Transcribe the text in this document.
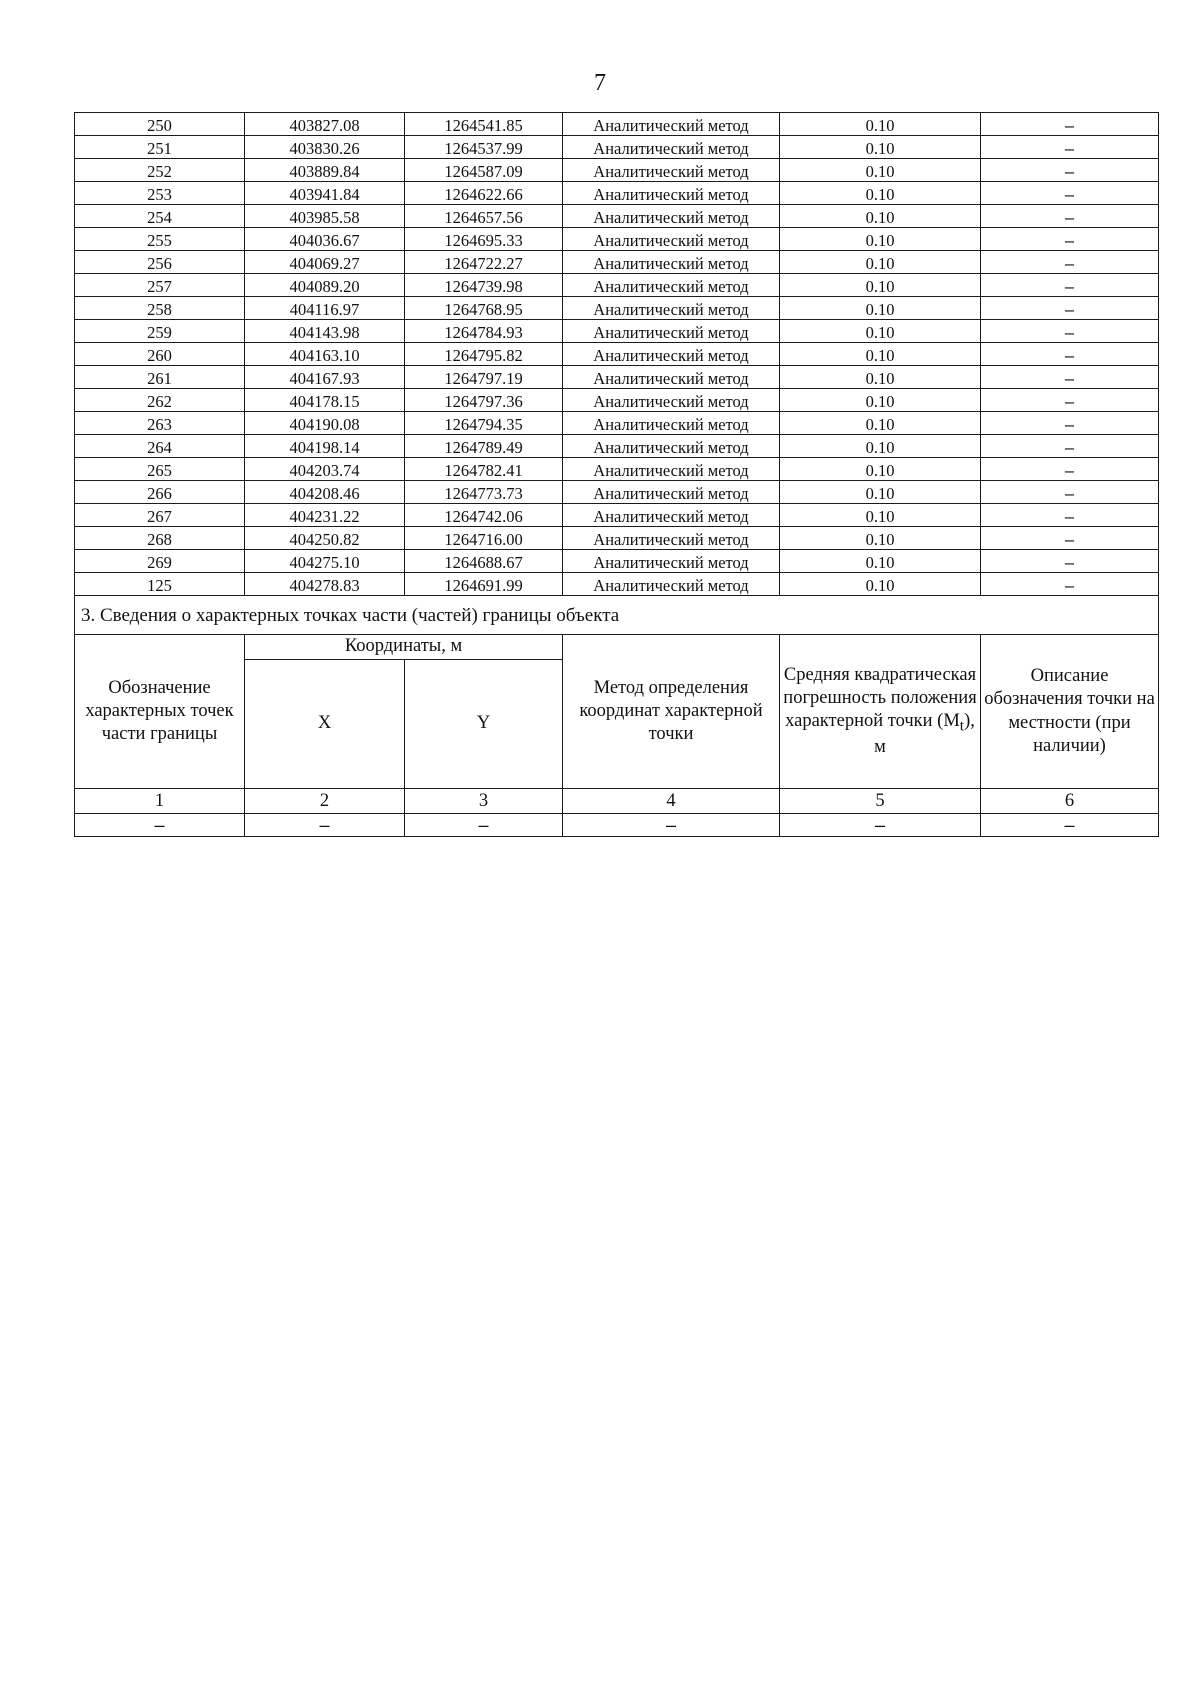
7
250	403827.08	1264541.85	Аналитический метод	0.10	–
251	403830.26	1264537.99	Аналитический метод	0.10	–
252	403889.84	1264587.09	Аналитический метод	0.10	–
253	403941.84	1264622.66	Аналитический метод	0.10	–
254	403985.58	1264657.56	Аналитический метод	0.10	–
255	404036.67	1264695.33	Аналитический метод	0.10	–
256	404069.27	1264722.27	Аналитический метод	0.10	–
257	404089.20	1264739.98	Аналитический метод	0.10	–
258	404116.97	1264768.95	Аналитический метод	0.10	–
259	404143.98	1264784.93	Аналитический метод	0.10	–
260	404163.10	1264795.82	Аналитический метод	0.10	–
261	404167.93	1264797.19	Аналитический метод	0.10	–
262	404178.15	1264797.36	Аналитический метод	0.10	–
263	404190.08	1264794.35	Аналитический метод	0.10	–
264	404198.14	1264789.49	Аналитический метод	0.10	–
265	404203.74	1264782.41	Аналитический метод	0.10	–
266	404208.46	1264773.73	Аналитический метод	0.10	–
267	404231.22	1264742.06	Аналитический метод	0.10	–
268	404250.82	1264716.00	Аналитический метод	0.10	–
269	404275.10	1264688.67	Аналитический метод	0.10	–
125	404278.83	1264691.99	Аналитический метод	0.10	–
3. Сведения о характерных точках части (частей) границы объекта					
Обозначение характерных точек части границы	Координаты, м		Метод определения координат характерной точки	Средняя квадратическая погрешность положения характерной точки $(M_t)$, м	Описание обозначения точки на местности (при наличии)
	X	Y			
1	2	3	4	5	6
–	–	–	–	–	–
